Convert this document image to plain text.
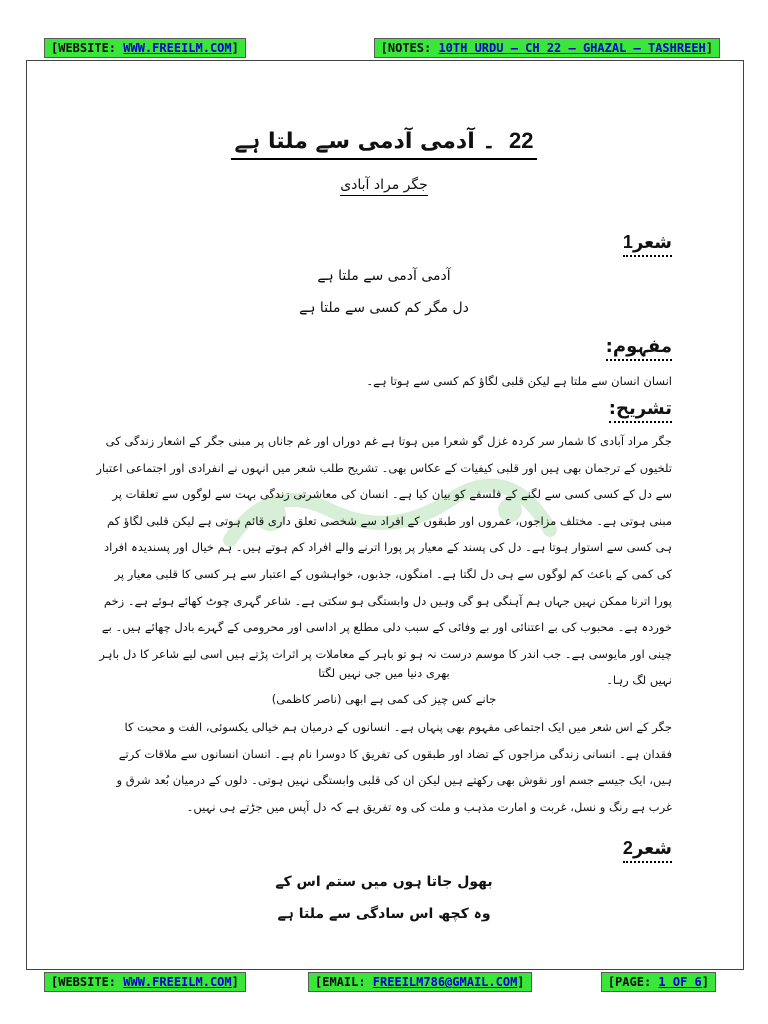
[WEBSITE: WWW.FREEILM.COM]	[NOTES: 10TH URDU – CH 22 – GHAZAL – TASHREEH]
22 ۔ آدمی آدمی سے ملتا ہے
جگر مراد آبادی
شعر1
آدمی آدمی سے ملتا ہے
دل مگر کم کسی سے ملتا ہے
مفہوم:
انسان انسان سے ملتا ہے لیکن قلبی لگاؤ کم کسی سے ہوتا ہے۔
تشریح:
جگر مراد آبادی کا شمار سر کردہ غزل گو شعرا میں ہوتا ہے غم دوراں اور غم جاناں پر مبنی جگر کے اشعار زندگی کی تلخیوں کے ترجمان بھی ہیں اور قلبی کیفیات کے عکاس بھی۔ تشریح طلب شعر میں انہوں نے انفرادی اور اجتماعی اعتبار سے دل کے کسی کسی سے لگنے کے فلسفے کو بیان کیا ہے۔ انسان کی معاشرتی زندگی بہت سے لوگوں سے تعلقات پر مبنی ہوتی ہے۔ مختلف مزاجوں، عمروں اور طبقوں کے افراد سے شخصی تعلق داری قائم ہوتی ہے لیکن قلبی لگاؤ کم ہی کسی سے استوار ہوتا ہے۔ دل کی پسند کے معیار پر پورا اترنے والے افراد کم ہوتے ہیں۔ ہم خیال اور پسندیدہ افراد کی کمی کے باعث کم لوگوں سے ہی دل لگتا ہے۔ امنگوں، جذبوں، خواہشوں کے اعتبار سے ہر کسی کا قلبی معیار پر پورا اترنا ممکن نہیں جہاں ہم آہنگی ہو گی وہیں دل وابستگی ہو سکتی ہے۔ شاعر گہری چوٹ کھائے ہوئے ہے۔ زخم خوردہ ہے۔ محبوب کی بے اعتنائی اور بے وفائی کے سبب دلی مطلع پر اداسی اور محرومی کے گہرے بادل چھائے ہیں۔ بے چینی اور مایوسی ہے۔ جب اندر کا موسم درست نہ ہو تو باہر کے معاملات پر اثرات پڑتے ہیں اسی لیے شاعر کا دل باہر نہیں لگ رہا۔
بھری دنیا میں جی نہیں لگتا
جانے کس چیز کی کمی ہے ابھی (ناصر کاظمی)
جگر کے اس شعر میں ایک اجتماعی مفہوم بھی پنہاں ہے۔ انسانوں کے درمیان ہم خیالی یکسوئی، الفت و محبت کا فقدان ہے۔ انسانی زندگی مزاجوں کے تضاد اور طبقوں کی تفریق کا دوسرا نام ہے۔ انسان انسانوں سے ملاقات کرتے ہیں، ایک جیسے جسم اور نقوش بھی رکھتے ہیں لیکن ان کی قلبی وابستگی نہیں ہوتی۔ دلوں کے درمیان بُعد شرق و غرب ہے رنگ و نسل، غربت و امارت مذہب و ملت کی وہ تفریق ہے کہ دل آپس میں جڑتے ہی نہیں۔
شعر2
بھول جاتا ہوں میں ستم اس کے
وہ کچھ اس سادگی سے ملتا ہے
[WEBSITE: WWW.FREEILM.COM]	[EMAIL: FREEILM786@GMAIL.COM]	[PAGE: 1 OF 6]
